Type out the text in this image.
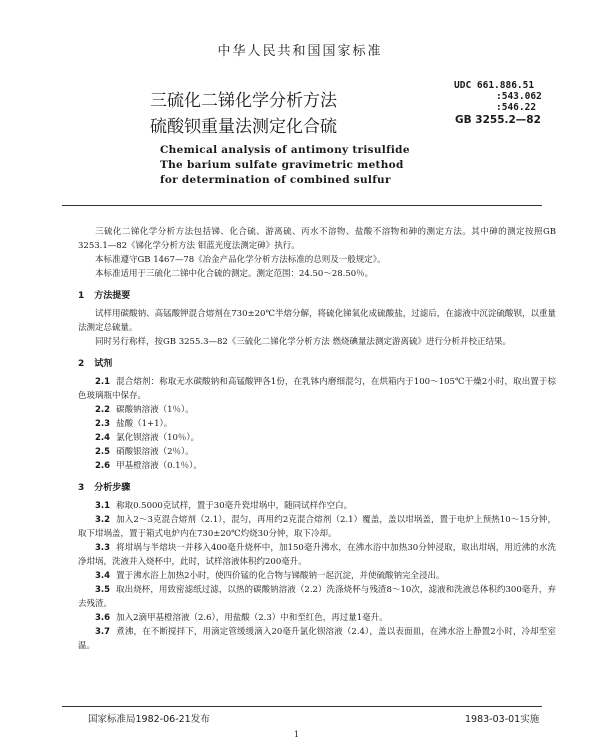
中华人民共和国国家标准
三硫化二锑化学分析方法
硫酸钡重量法测定化合硫
UDC 661.886.51
:543.062
:546.22
GB 3255.2—82
Chemical analysis of antimony trisulfide
The barium sulfate gravimetric method
for determination of combined sulfur

三硫化二锑化学分析方法包括锑、化合硫、游离硫、丙水不溶物、盐酸不溶物和砷的测定方法。其中砷的测定按照GB 3253.1—82《锑化学分析方法 钼蓝光度法测定砷》执行。

本标准遵守GB 1467—78《冶金产品化学分析方法标准的总则及一般规定》。

本标准适用于三硫化二锑中化合硫的测定。测定范围：24.50～28.50％。

1 方法提要

试样用碳酸钠、高锰酸钾混合熔剂在730±20℃半熔分解，将硫化锑氧化成硫酸盐，过滤后，在滤液中沉淀硫酸钡，以重量法测定总硫量。

同时另行称样，按GB 3255.3—82《三硫化二锑化学分析方法 燃烧碘量法测定游离硫》进行分析并校正结果。

2 试剂

2.1 混合熔剂：称取无水碳酸钠和高锰酸钾各1份，在乳钵内磨细混匀，在烘箱内于100～105℃干燥2小时，取出置于棕色玻璃瓶中保存。

2.2 碳酸钠溶液（1％）。

2.3 盐酸（1+1）。

2.4 氯化钡溶液（10％）。

2.5 硝酸银溶液（2％）。

2.6 甲基橙溶液（0.1％）。

3 分析步骤

3.1 称取0.5000克试样，置于30毫升瓷坩埚中，随同试样作空白。

3.2 加入2～3克混合熔剂（2.1），混匀，再用约2克混合熔剂（2.1）覆盖，盖以坩埚盖，置于电炉上预热10～15分钟，取下坩埚盖，置于箱式电炉内在730±20℃灼烧30分钟，取下冷却。

3.3 将坩埚与半熔块一并移入400毫升烧杯中，加150毫升沸水，在沸水浴中加热30分钟浸取，取出坩埚，用近沸的水洗净坩埚，洗液并入烧杯中，此时，试样溶液体积约200毫升。

3.4 置于沸水浴上加热2小时，使四价锰的化合物与锑酸钠一起沉淀，并使硫酸钠完全浸出。

3.5 取出烧杯，用致密滤纸过滤，以热的碳酸钠溶液（2.2）洗涤烧杯与残渣8～10次，滤液和洗液总体积约300毫升，弃去残渣。

3.6 加入2滴甲基橙溶液（2.6），用盐酸（2.3）中和至红色，再过量1毫升。

3.7 煮沸，在不断搅拌下，用滴定管缓缓滴入20毫升氯化钡溶液（2.4），盖以表面皿，在沸水浴上静置2小时，冷却至室温。

国家标准局1982-06-21发布	1983-03-01实施
1
